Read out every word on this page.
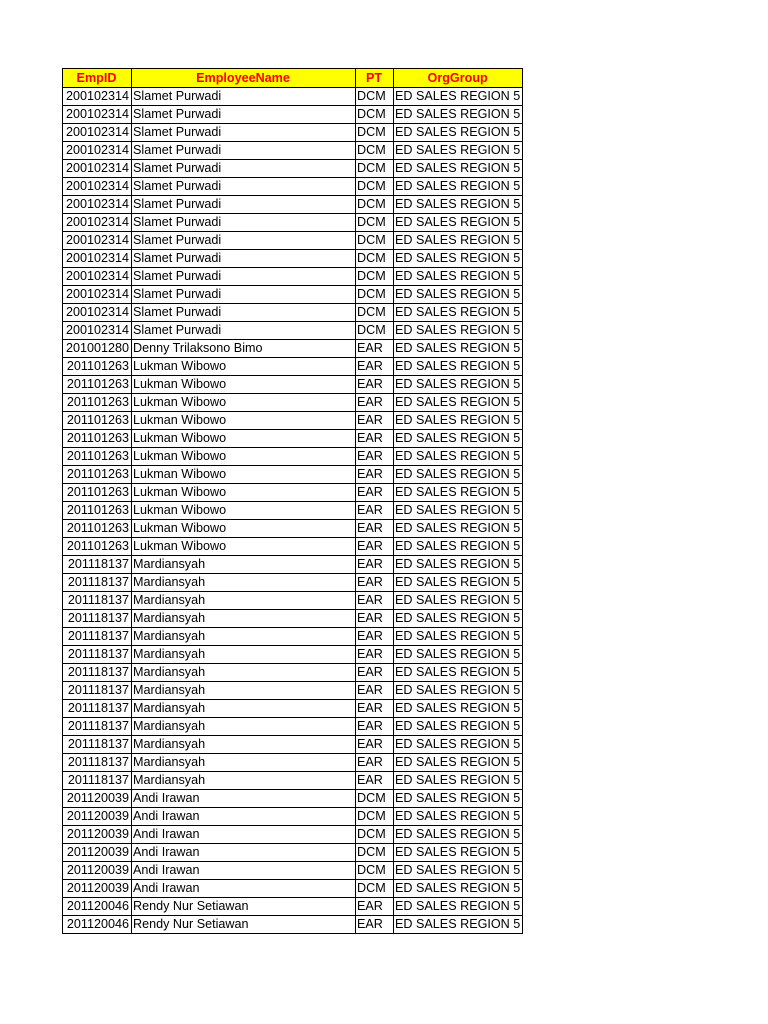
EmpID	EmployeeName	PT	OrgGroup
200102314	Slamet Purwadi	DCM	ED SALES REGION 5
200102314	Slamet Purwadi	DCM	ED SALES REGION 5
200102314	Slamet Purwadi	DCM	ED SALES REGION 5
200102314	Slamet Purwadi	DCM	ED SALES REGION 5
200102314	Slamet Purwadi	DCM	ED SALES REGION 5
200102314	Slamet Purwadi	DCM	ED SALES REGION 5
200102314	Slamet Purwadi	DCM	ED SALES REGION 5
200102314	Slamet Purwadi	DCM	ED SALES REGION 5
200102314	Slamet Purwadi	DCM	ED SALES REGION 5
200102314	Slamet Purwadi	DCM	ED SALES REGION 5
200102314	Slamet Purwadi	DCM	ED SALES REGION 5
200102314	Slamet Purwadi	DCM	ED SALES REGION 5
200102314	Slamet Purwadi	DCM	ED SALES REGION 5
200102314	Slamet Purwadi	DCM	ED SALES REGION 5
201001280	Denny Trilaksono Bimo	EAR	ED SALES REGION 5
201101263	Lukman Wibowo	EAR	ED SALES REGION 5
201101263	Lukman Wibowo	EAR	ED SALES REGION 5
201101263	Lukman Wibowo	EAR	ED SALES REGION 5
201101263	Lukman Wibowo	EAR	ED SALES REGION 5
201101263	Lukman Wibowo	EAR	ED SALES REGION 5
201101263	Lukman Wibowo	EAR	ED SALES REGION 5
201101263	Lukman Wibowo	EAR	ED SALES REGION 5
201101263	Lukman Wibowo	EAR	ED SALES REGION 5
201101263	Lukman Wibowo	EAR	ED SALES REGION 5
201101263	Lukman Wibowo	EAR	ED SALES REGION 5
201101263	Lukman Wibowo	EAR	ED SALES REGION 5
201118137	Mardiansyah	EAR	ED SALES REGION 5
201118137	Mardiansyah	EAR	ED SALES REGION 5
201118137	Mardiansyah	EAR	ED SALES REGION 5
201118137	Mardiansyah	EAR	ED SALES REGION 5
201118137	Mardiansyah	EAR	ED SALES REGION 5
201118137	Mardiansyah	EAR	ED SALES REGION 5
201118137	Mardiansyah	EAR	ED SALES REGION 5
201118137	Mardiansyah	EAR	ED SALES REGION 5
201118137	Mardiansyah	EAR	ED SALES REGION 5
201118137	Mardiansyah	EAR	ED SALES REGION 5
201118137	Mardiansyah	EAR	ED SALES REGION 5
201118137	Mardiansyah	EAR	ED SALES REGION 5
201118137	Mardiansyah	EAR	ED SALES REGION 5
201120039	Andi Irawan	DCM	ED SALES REGION 5
201120039	Andi Irawan	DCM	ED SALES REGION 5
201120039	Andi Irawan	DCM	ED SALES REGION 5
201120039	Andi Irawan	DCM	ED SALES REGION 5
201120039	Andi Irawan	DCM	ED SALES REGION 5
201120039	Andi Irawan	DCM	ED SALES REGION 5
201120046	Rendy Nur Setiawan	EAR	ED SALES REGION 5
201120046	Rendy Nur Setiawan	EAR	ED SALES REGION 5
